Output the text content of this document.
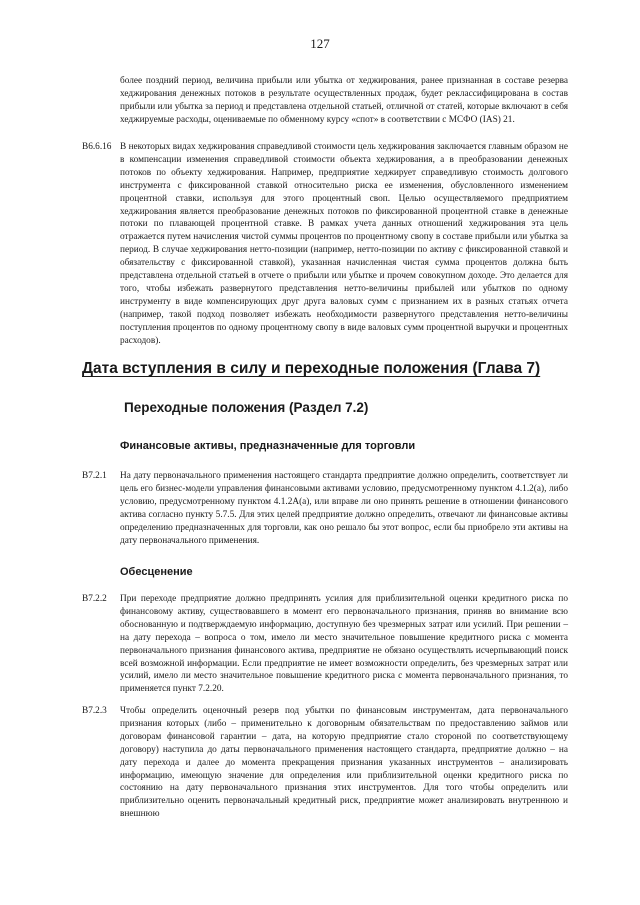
127

более поздний период, величина прибыли или убытка от хеджирования, ранее признанная в составе резерва хеджирования денежных потоков в результате осуществленных продаж, будет реклассифицирована в состав прибыли или убытка за период и представлена отдельной статьей, отличной от статей, которые включают в себя хеджируемые расходы, оцениваемые по обменному курсу «спот» в соответствии с МСФО (IAS) 21.

B6.6.16 В некоторых видах хеджирования справедливой стоимости цель хеджирования заключается главным образом не в компенсации изменения справедливой стоимости объекта хеджирования, а в преобразовании денежных потоков по объекту хеджирования. Например, предприятие хеджирует справедливую стоимость долгового инструмента с фиксированной ставкой относительно риска ее изменения, обусловленного изменением процентной ставки, используя для этого процентный своп. Целью осуществляемого предприятием хеджирования является преобразование денежных потоков по фиксированной процентной ставке в денежные потоки по плавающей процентной ставке. В рамках учета данных отношений хеджирования эта цель отражается путем начисления чистой суммы процентов по процентному свопу в составе прибыли или убытка за период. В случае хеджирования нетто-позиции (например, нетто-позиции по активу с фиксированной ставкой и обязательству с фиксированной ставкой), указанная начисленная чистая сумма процентов должна быть представлена отдельной статьей в отчете о прибыли или убытке и прочем совокупном доходе. Это делается для того, чтобы избежать развернутого представления нетто-величины прибылей или убытков по одному инструменту в виде компенсирующих друг друга валовых сумм с признанием их в разных статьях отчета (например, такой подход позволяет избежать необходимости развернутого представления нетто-величины поступления процентов по одному процентному свопу в виде валовых сумм процентной выручки и процентных расходов).

Дата вступления в силу и переходные положения (Глава 7)
Переходные положения (Раздел 7.2)
Финансовые активы, предназначенные для торговли
B7.2.1 На дату первоначального применения настоящего стандарта предприятие должно определить, соответствует ли цель его бизнес-модели управления финансовыми активами условию, предусмотренному пунктом 4.1.2(a), либо условию, предусмотренному пунктом 4.1.2A(a), или вправе ли оно принять решение в отношении финансового актива согласно пункту 5.7.5. Для этих целей предприятие должно определить, отвечают ли финансовые активы определению предназначенных для торговли, как оно решало бы этот вопрос, если бы приобрело эти активы на дату первоначального применения.

Обесценение
B7.2.2 При переходе предприятие должно предпринять усилия для приблизительной оценки кредитного риска по финансовому активу, существовавшего в момент его первоначального признания, приняв во внимание всю обоснованную и подтверждаемую информацию, доступную без чрезмерных затрат или усилий. При решении – на дату перехода – вопроса о том, имело ли место значительное повышение кредитного риска с момента первоначального признания финансового актива, предприятие не обязано осуществлять исчерпывающий поиск всей возможной информации. Если предприятие не имеет возможности определить, без чрезмерных затрат или усилий, имело ли место значительное повышение кредитного риска с момента первоначального признания, то применяется пункт 7.2.20.

B7.2.3 Чтобы определить оценочный резерв под убытки по финансовым инструментам, дата первоначального признания которых (либо – применительно к договорным обязательствам по предоставлению займов или договорам финансовой гарантии – дата, на которую предприятие стало стороной по соответствующему договору) наступила до даты первоначального применения настоящего стандарта, предприятие должно – на дату перехода и далее до момента прекращения признания указанных инструментов – анализировать информацию, имеющую значение для определения или приблизительной оценки кредитного риска по состоянию на дату первоначального признания этих инструментов. Для того чтобы определить или приблизительно оценить первоначальный кредитный риск, предприятие может анализировать внутреннюю и внешнюю
